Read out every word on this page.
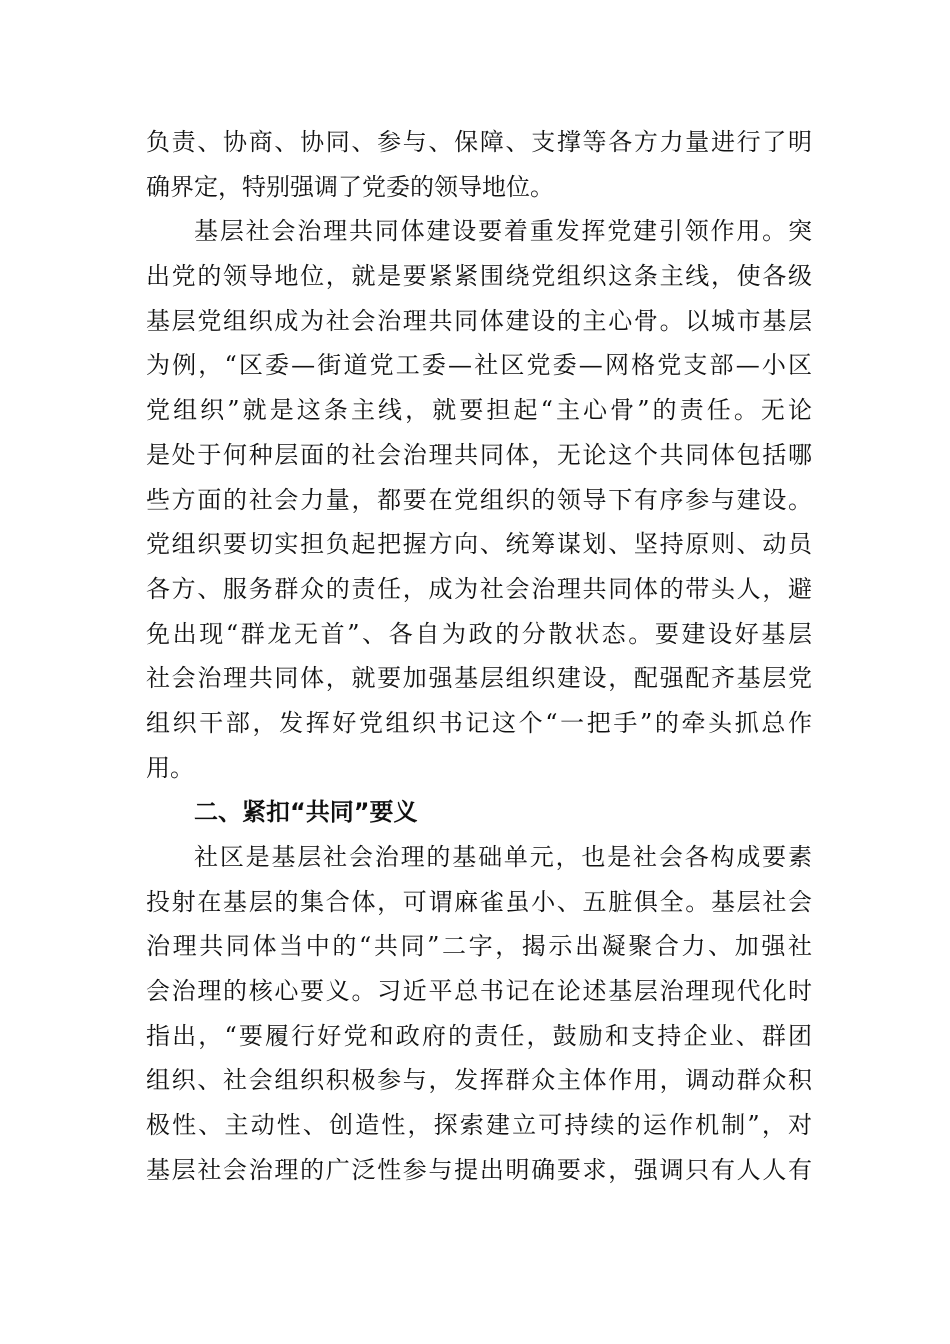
负责、协商、协同、参与、保障、支撑等各方力量进行了明
确界定，特别强调了党委的领导地位。
基层社会治理共同体建设要着重发挥党建引领作用。突
出党的领导地位，就是要紧紧围绕党组织这条主线，使各级
基层党组织成为社会治理共同体建设的主心骨。以城市基层
为例，“区委—街道党工委—社区党委—网格党支部—小区
党组织”就是这条主线，就要担起“主心骨”的责任。无论
是处于何种层面的社会治理共同体，无论这个共同体包括哪
些方面的社会力量，都要在党组织的领导下有序参与建设。
党组织要切实担负起把握方向、统筹谋划、坚持原则、动员
各方、服务群众的责任，成为社会治理共同体的带头人，避
免出现“群龙无首”、各自为政的分散状态。要建设好基层
社会治理共同体，就要加强基层组织建设，配强配齐基层党
组织干部，发挥好党组织书记这个“一把手”的牵头抓总作
用。
二、紧扣“共同”要义
社区是基层社会治理的基础单元，也是社会各构成要素
投射在基层的集合体，可谓麻雀虽小、五脏俱全。基层社会
治理共同体当中的“共同”二字，揭示出凝聚合力、加强社
会治理的核心要义。习近平总书记在论述基层治理现代化时
指出，“要履行好党和政府的责任，鼓励和支持企业、群团
组织、社会组织积极参与，发挥群众主体作用，调动群众积
极性、主动性、创造性，探索建立可持续的运作机制”，对
基层社会治理的广泛性参与提出明确要求，强调只有人人有
